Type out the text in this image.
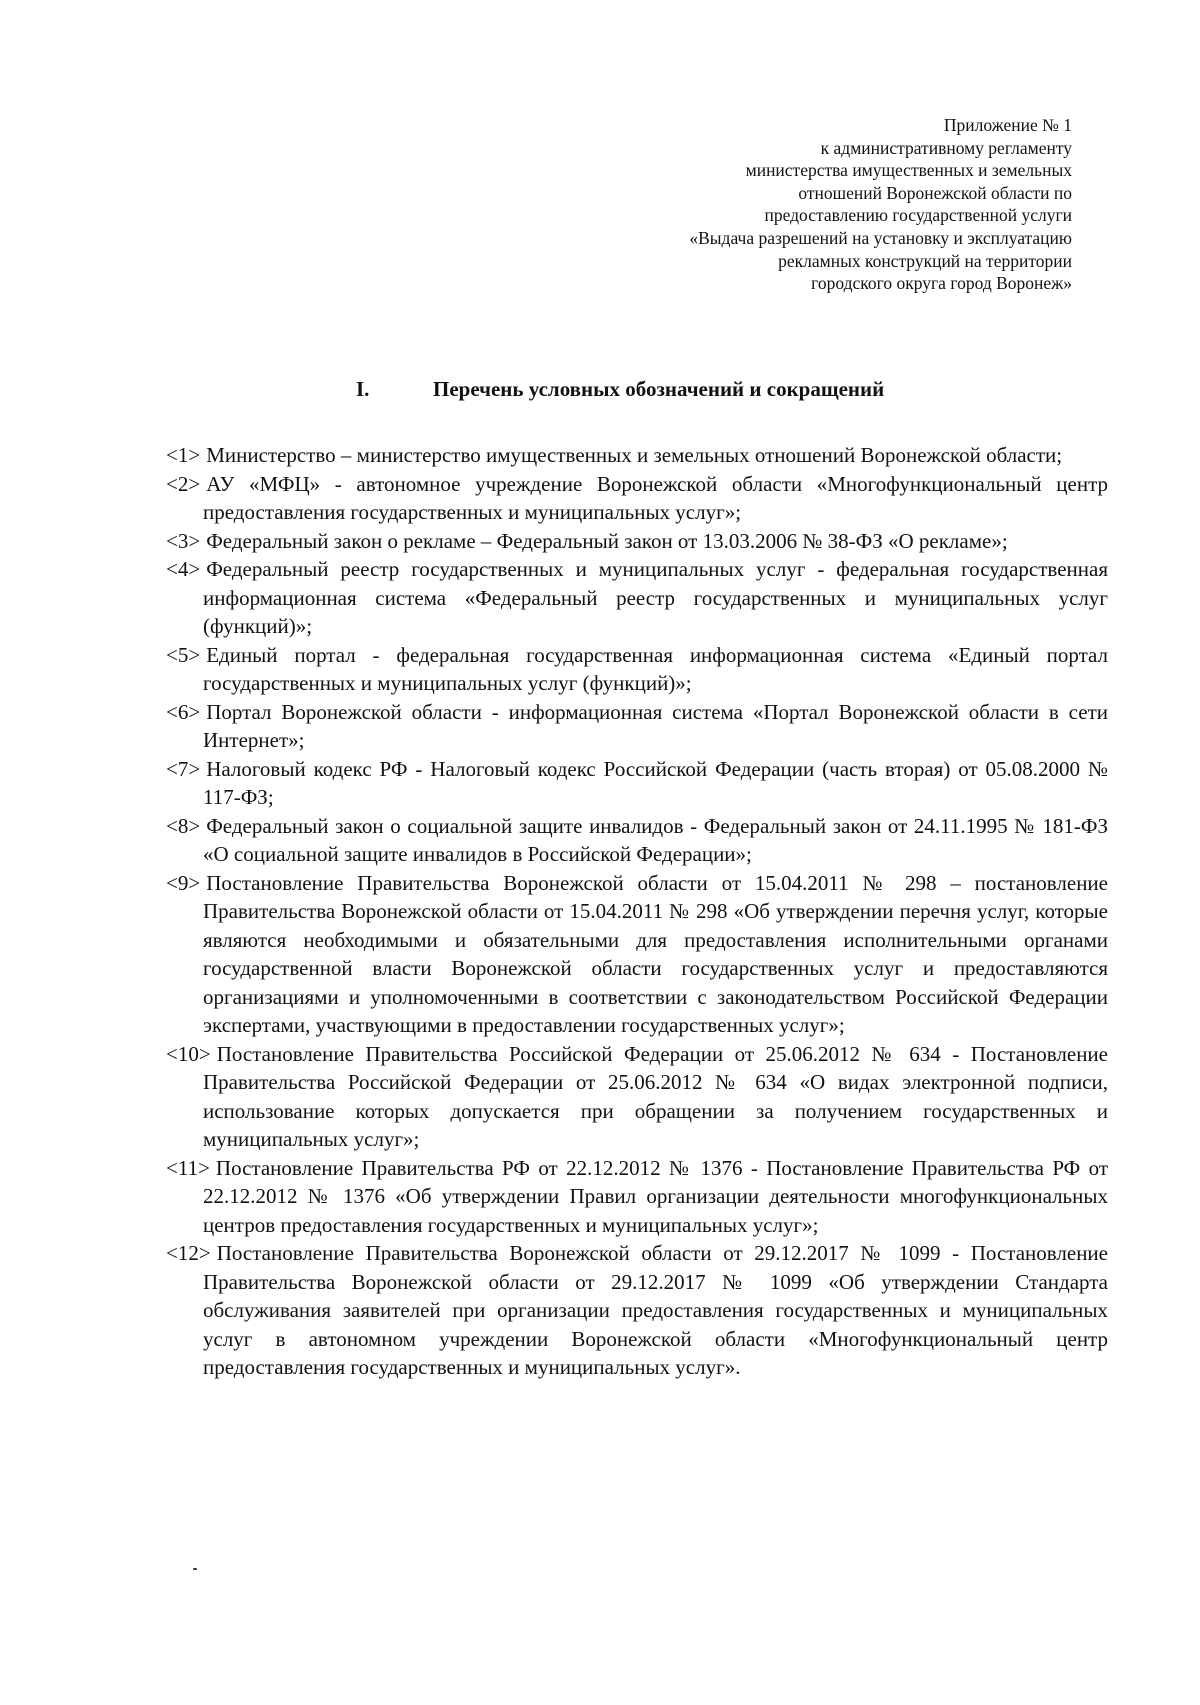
Приложение № 1
к административному регламенту
министерства имущественных и земельных
отношений Воронежской области по
предоставлению государственной услуги
«Выдача разрешений на установку и эксплуатацию
рекламных конструкций на территории
городского округа город Воронеж»
I.	Перечень условных обозначений и сокращений
<1> Министерство – министерство имущественных и земельных отношений Воронежской области;
<2> АУ «МФЦ» - автономное учреждение Воронежской области «Многофункциональный центр предоставления государственных и муниципальных услуг»;
<3> Федеральный закон о рекламе – Федеральный закон от 13.03.2006 № 38-ФЗ «О рекламе»;
<4> Федеральный реестр государственных и муниципальных услуг - федеральная государственная информационная система «Федеральный реестр государственных и муниципальных услуг (функций)»;
<5> Единый портал - федеральная государственная информационная система «Единый портал государственных и муниципальных услуг (функций)»;
<6> Портал Воронежской области - информационная система «Портал Воронежской области в сети Интернет»;
<7> Налоговый кодекс РФ - Налоговый кодекс Российской Федерации (часть вторая) от 05.08.2000 № 117-ФЗ;
<8> Федеральный закон о социальной защите инвалидов - Федеральный закон от 24.11.1995 № 181-ФЗ «О социальной защите инвалидов в Российской Федерации»;
<9> Постановление Правительства Воронежской области от 15.04.2011 № 298 – постановление Правительства Воронежской области от 15.04.2011 № 298 «Об утверждении перечня услуг, которые являются необходимыми и обязательными для предоставления исполнительными органами государственной власти Воронежской области государственных услуг и предоставляются организациями и уполномоченными в соответствии с законодательством Российской Федерации экспертами, участвующими в предоставлении государственных услуг»;
<10> Постановление Правительства Российской Федерации от 25.06.2012 № 634 - Постановление Правительства Российской Федерации от 25.06.2012 № 634 «О видах электронной подписи, использование которых допускается при обращении за получением государственных и муниципальных услуг»;
<11> Постановление Правительства РФ от 22.12.2012 № 1376 - Постановление Правительства РФ от 22.12.2012 № 1376 «Об утверждении Правил организации деятельности многофункциональных центров предоставления государственных и муниципальных услуг»;
<12> Постановление Правительства Воронежской области от 29.12.2017 № 1099 - Постановление Правительства Воронежской области от 29.12.2017 № 1099 «Об утверждении Стандарта обслуживания заявителей при организации предоставления государственных и муниципальных услуг в автономном учреждении Воронежской области «Многофункциональный центр предоставления государственных и муниципальных услуг».
